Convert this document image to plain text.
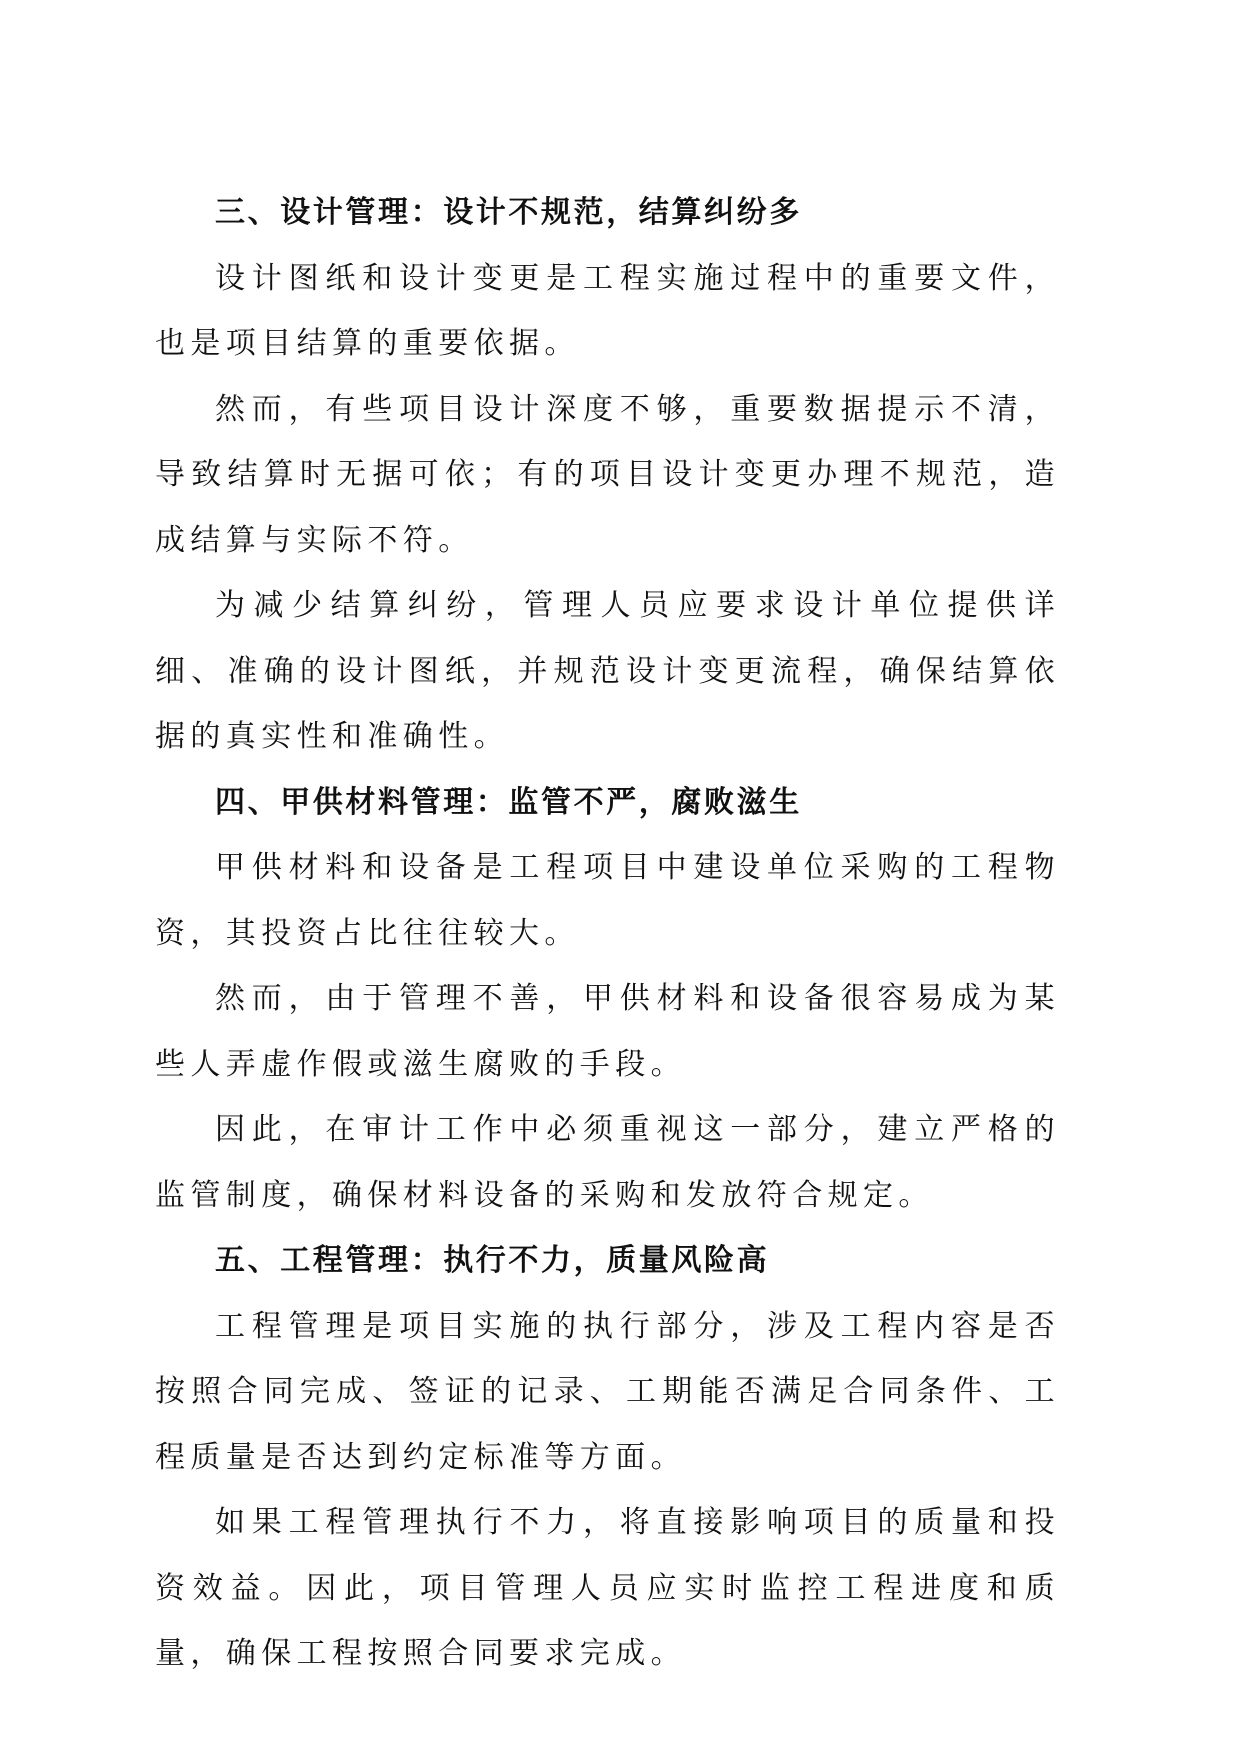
三、设计管理：设计不规范，结算纠纷多

设计图纸和设计变更是工程实施过程中的重要文件，也是项目结算的重要依据。

然而，有些项目设计深度不够，重要数据提示不清，导致结算时无据可依；有的项目设计变更办理不规范，造成结算与实际不符。

为减少结算纠纷，管理人员应要求设计单位提供详细、准确的设计图纸，并规范设计变更流程，确保结算依据的真实性和准确性。

四、甲供材料管理：监管不严，腐败滋生

甲供材料和设备是工程项目中建设单位采购的工程物资，其投资占比往往较大。

然而，由于管理不善，甲供材料和设备很容易成为某些人弄虚作假或滋生腐败的手段。

因此，在审计工作中必须重视这一部分，建立严格的监管制度，确保材料设备的采购和发放符合规定。

五、工程管理：执行不力，质量风险高

工程管理是项目实施的执行部分，涉及工程内容是否按照合同完成、签证的记录、工期能否满足合同条件、工程质量是否达到约定标准等方面。

如果工程管理执行不力，将直接影响项目的质量和投资效益。因此，项目管理人员应实时监控工程进度和质量，确保工程按照合同要求完成。
